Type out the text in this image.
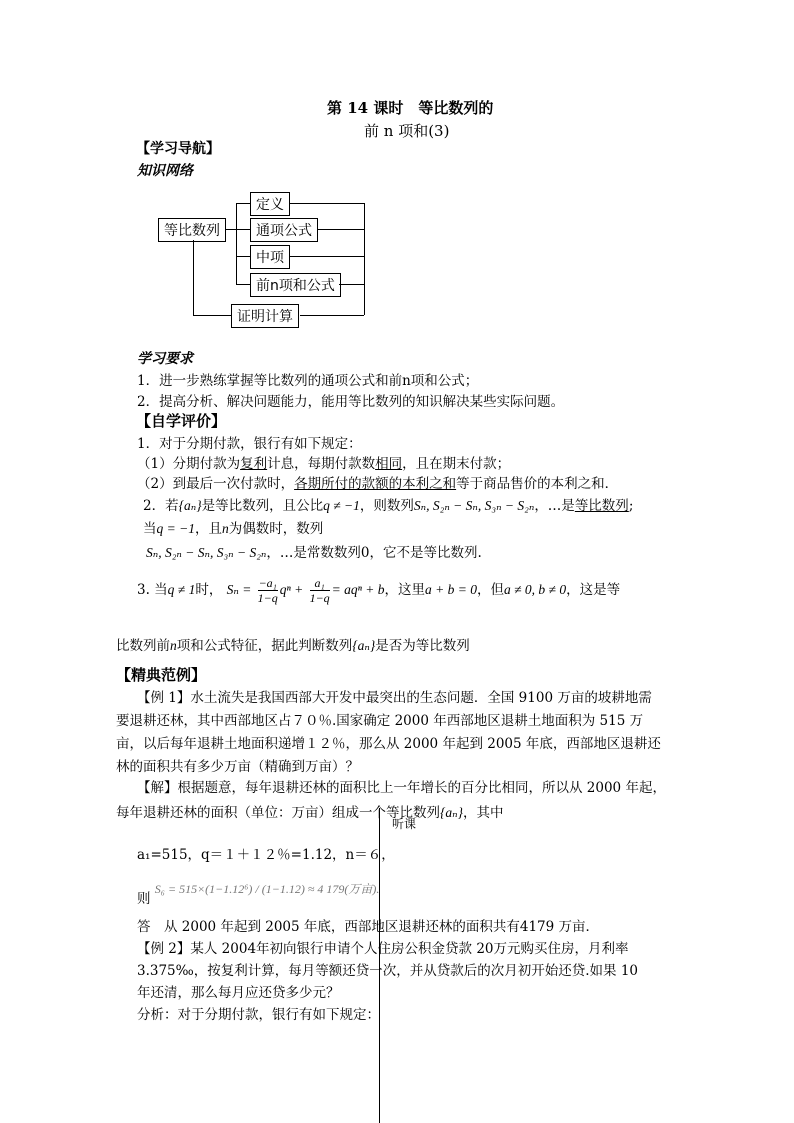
第 14 课时　等比数列的
前 n 项和(3)
【学习导航】
知识网络
等比数列
定义
通项公式
中项
前n项和公式
证明计算
学习要求
1．进一步熟练掌握等比数列的通项公式和前n项和公式；
2．提高分析、解决问题能力，能用等比数列的知识解决某些实际问题。
【自学评价】
1．对于分期付款，银行有如下规定：
（1）分期付款为复利计息，每期付款数相同，且在期末付款；
（2）到最后一次付款时，各期所付的款额的本利之和等于商品售价的本利之和．
2．若{aₙ}是等比数列，且公比q ≠ −1，则数列Sₙ, S₂ₙ − Sₙ, S₃ₙ − S₂ₙ，…是等比数列;
当q = −1，且n为偶数时，数列
Sₙ, S₂ₙ − Sₙ, S₃ₙ − S₂ₙ，…是常数数列0，它不是等比数列.
3. 当q ≠ 1时， $S_n = \frac{\text{−a₁}}{1-q}$ $q^n + \frac{\text{a₁}}{1-q} = aq^n + b$，这里a + b = 0，但a ≠ 0, b ≠ 0，这是等
比数列前n项和公式特征，据此判断数列{aₙ}是否为等比数列
【精典范例】
【例 1】水土流失是我国西部大开发中最突出的生态问题．全国 9100 万亩的坡耕地需
要退耕还林，其中西部地区占７０％.国家确定 2000 年西部地区退耕土地面积为 515 万
亩，以后每年退耕土地面积递增１２％，那么从 2000 年起到 2005 年底，西部地区退耕还
林的面积共有多少万亩（精确到万亩）？
【解】根据题意，每年退耕还林的面积比上一年增长的百分比相同，所以从 2000 年起，
每年退耕还林的面积（单位：万亩）组成一个等比数列{aₙ}，其中
听课
a₁=515，q＝１＋１２％=1.12，n＝６，
则 S₆ = 515×(1−1.12⁶) / (1−1.12) ≈ 4 179(万亩).
答　从 2000 年起到 2005 年底，西部地区退耕还林的面积共有4179 万亩．
【例 2】某人 2004年初向银行申请个人住房公积金贷款 20万元购买住房，月利率
3.375‰，按复利计算，每月等额还贷一次，并从贷款后的次月初开始还贷.如果 10
年还清，那么每月应还贷多少元？
分析：对于分期付款，银行有如下规定：
